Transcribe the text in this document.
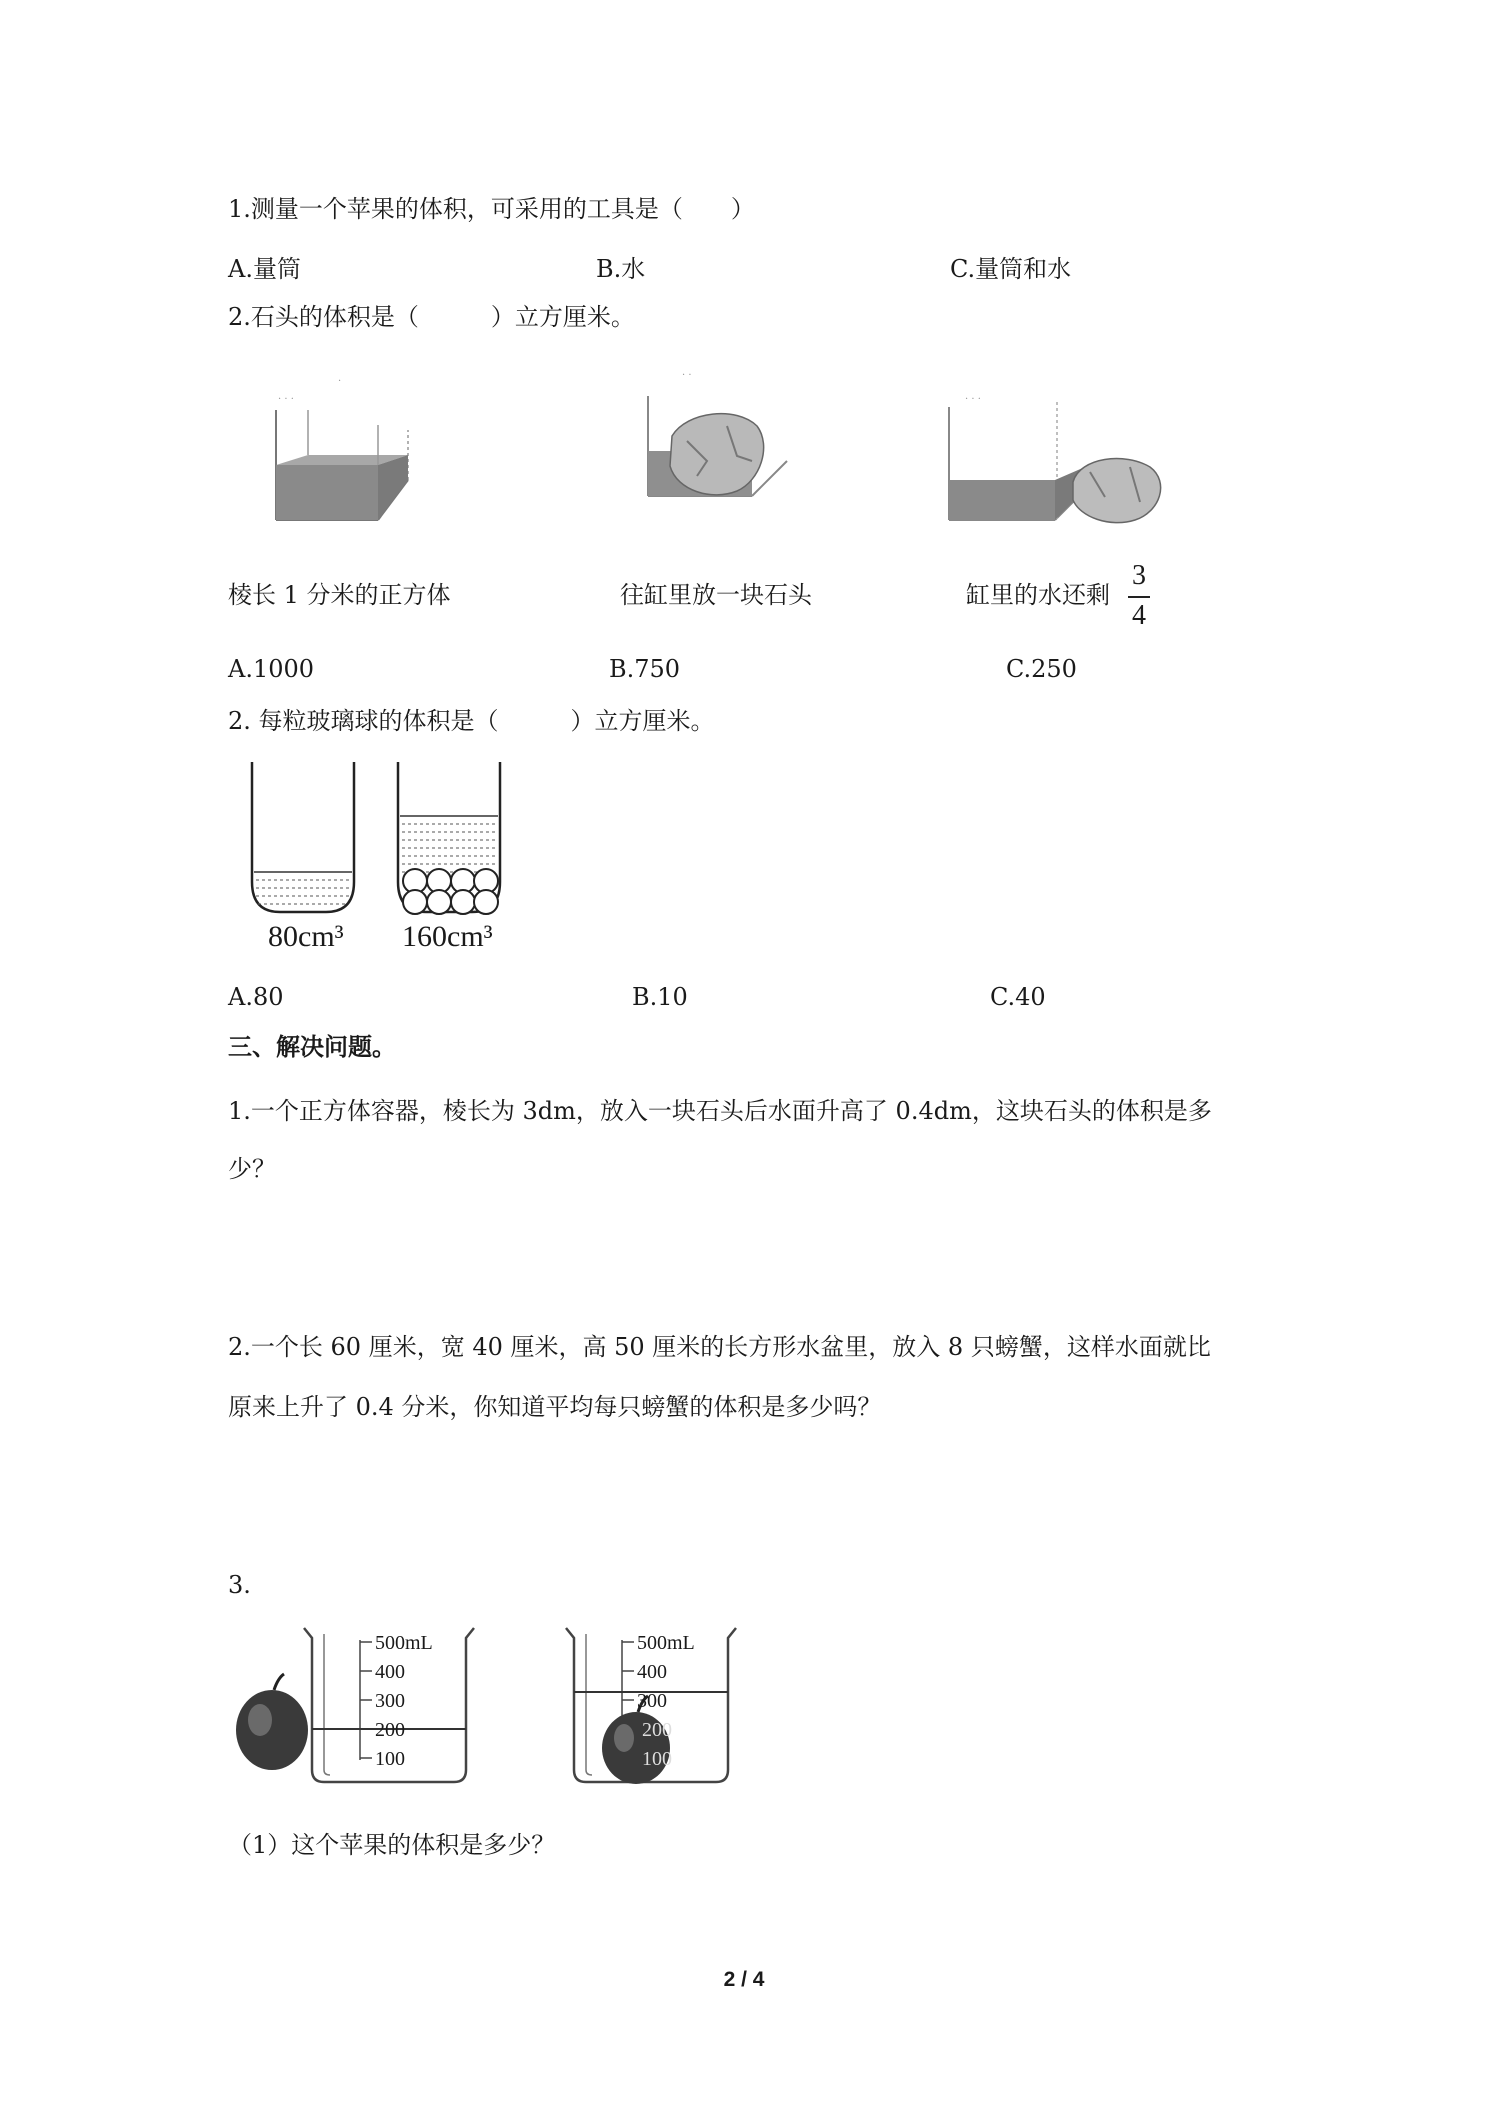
1.测量一个苹果的体积，可采用的工具是（　　）
A.量筒	B.水	C.量筒和水
2.石头的体积是（　　　）立方厘米。
· · ·
·
· ·
· · ·
棱长 1 分米的正方体	往缸里放一块石头	缸里的水还剩
3
4
A.1000	B.750	C.250
2. 每粒玻璃球的体积是（　　　）立方厘米。
80cm³ 160cm³
A.80	B.10	C.40
三、解决问题。
1.一个正方体容器，棱长为 3dm，放入一块石头后水面升高了 0.4dm，这块石头的体积是多
少？
2.一个长 60 厘米，宽 40 厘米，高 50 厘米的长方形水盆里，放入 8 只螃蟹，这样水面就比
原来上升了 0.4 分米，你知道平均每只螃蟹的体积是多少吗？
3.
500mL
400
300
200
100
500mL
400
300
200
100
（1）这个苹果的体积是多少？
2 / 4
